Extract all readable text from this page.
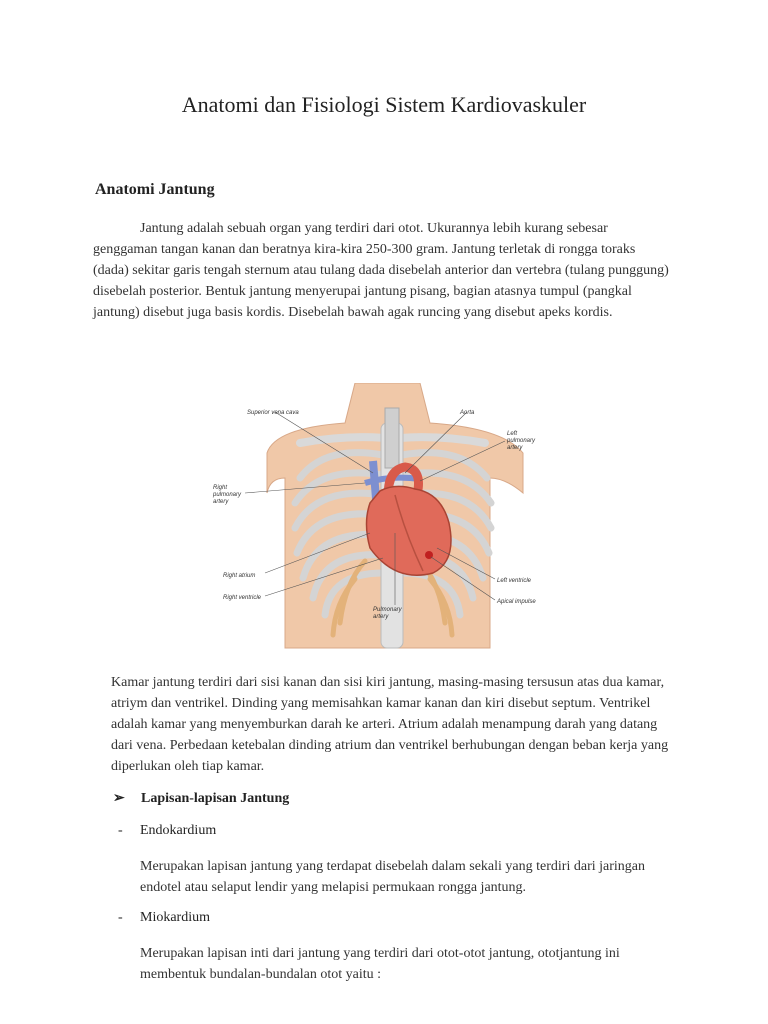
Anatomi dan Fisiologi Sistem Kardiovaskuler
Anatomi Jantung
Jantung adalah sebuah organ yang terdiri dari otot. Ukurannya lebih kurang sebesar genggaman tangan kanan dan beratnya kira-kira 250-300 gram. Jantung terletak di rongga toraks (dada) sekitar garis tengah sternum atau tulang dada disebelah anterior dan vertebra (tulang punggung) disebelah posterior. Bentuk jantung menyerupai jantung pisang, bagian atasnya tumpul (pangkal jantung) disebut juga basis kordis. Disebelah bawah agak runcing yang disebut apeks kordis.
Superior vena cava	Aorta
Left pulmonary artery
Right pulmonary artery
Right atrium
Right ventricle
Pulmonary artery
Left ventricle
Apical impulse
Kamar jantung terdiri dari sisi kanan dan sisi kiri jantung, masing-masing tersusun atas dua kamar, atriym dan ventrikel. Dinding yang memisahkan kamar kanan dan kiri disebut septum. Ventrikel adalah kamar yang menyemburkan darah ke arteri. Atrium adalah menampung darah yang datang dari vena. Perbedaan ketebalan dinding atrium dan ventrikel berhubungan dengan beban kerja yang diperlukan oleh tiap kamar.
➢ Lapisan-lapisan Jantung
- Endokardium
Merupakan lapisan jantung yang terdapat disebelah dalam sekali yang terdiri dari jaringan endotel atau selaput lendir yang melapisi permukaan rongga jantung.
- Miokardium
Merupakan lapisan inti dari jantung yang terdiri dari otot-otot jantung, ototjantung ini membentuk bundalan-bundalan otot yaitu :
